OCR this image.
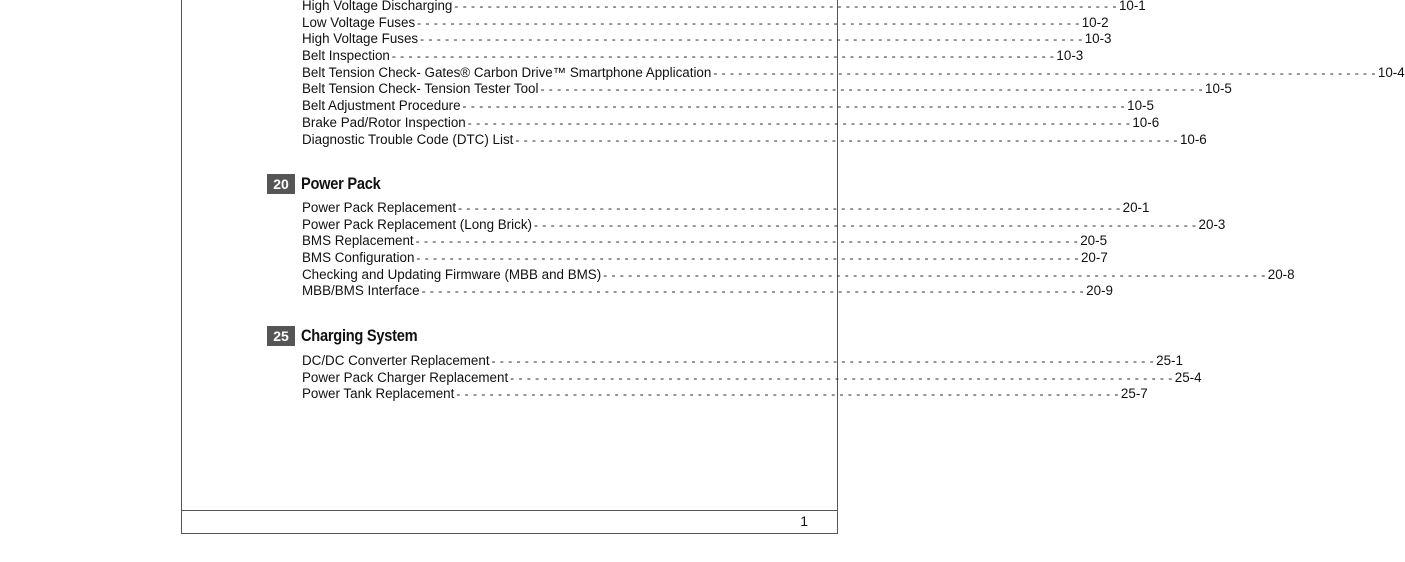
High Voltage Discharging - - - - - - - - - - - - - - - - - - - - - - - - - - - - - - - - - - - - - - - - - - - - - - - - - - - - - - - - - - - - - - - - - - - - - - - - - - - - - - - - 10-1
Low Voltage Fuses - - - - - - - - - - - - - - - - - - - - - - - - - - - - - - - - - - - - - - - - - - - - - - - - - - - - - - - - - - - - - - - - - - - - - - - - - - - - - - - - 10-2
High Voltage Fuses - - - - - - - - - - - - - - - - - - - - - - - - - - - - - - - - - - - - - - - - - - - - - - - - - - - - - - - - - - - - - - - - - - - - - - - - - - - - - - - - 10-3
Belt Inspection - - - - - - - - - - - - - - - - - - - - - - - - - - - - - - - - - - - - - - - - - - - - - - - - - - - - - - - - - - - - - - - - - - - - - - - - - - - - - - - - 10-3
Belt Tension Check- Gates® Carbon Drive™ Smartphone Application - - - - - - - - - - - - - - - - - - - - - - - - - - - - - - - - - - - - - - - - - - - - - - - - - - - - - - - - - - - - - - - - - - - - - - - - - - - - - - - - 10-4
Belt Tension Check- Tension Tester Tool - - - - - - - - - - - - - - - - - - - - - - - - - - - - - - - - - - - - - - - - - - - - - - - - - - - - - - - - - - - - - - - - - - - - - - - - - - - - - - - - 10-5
Belt Adjustment Procedure - - - - - - - - - - - - - - - - - - - - - - - - - - - - - - - - - - - - - - - - - - - - - - - - - - - - - - - - - - - - - - - - - - - - - - - - - - - - - - - - 10-5
Brake Pad/Rotor Inspection - - - - - - - - - - - - - - - - - - - - - - - - - - - - - - - - - - - - - - - - - - - - - - - - - - - - - - - - - - - - - - - - - - - - - - - - - - - - - - - - 10-6
Diagnostic Trouble Code (DTC) List - - - - - - - - - - - - - - - - - - - - - - - - - - - - - - - - - - - - - - - - - - - - - - - - - - - - - - - - - - - - - - - - - - - - - - - - - - - - - - - - 10-6
20 Power Pack
Power Pack Replacement - - - - - - - - - - - - - - - - - - - - - - - - - - - - - - - - - - - - - - - - - - - - - - - - - - - - - - - - - - - - - - - - - - - - - - - - - - - - - - - - 20-1
Power Pack Replacement (Long Brick) - - - - - - - - - - - - - - - - - - - - - - - - - - - - - - - - - - - - - - - - - - - - - - - - - - - - - - - - - - - - - - - - - - - - - - - - - - - - - - - - 20-3
BMS Replacement - - - - - - - - - - - - - - - - - - - - - - - - - - - - - - - - - - - - - - - - - - - - - - - - - - - - - - - - - - - - - - - - - - - - - - - - - - - - - - - - 20-5
BMS Configuration - - - - - - - - - - - - - - - - - - - - - - - - - - - - - - - - - - - - - - - - - - - - - - - - - - - - - - - - - - - - - - - - - - - - - - - - - - - - - - - - 20-7
Checking and Updating Firmware (MBB and BMS) - - - - - - - - - - - - - - - - - - - - - - - - - - - - - - - - - - - - - - - - - - - - - - - - - - - - - - - - - - - - - - - - - - - - - - - - - - - - - - - - 20-8
MBB/BMS Interface - - - - - - - - - - - - - - - - - - - - - - - - - - - - - - - - - - - - - - - - - - - - - - - - - - - - - - - - - - - - - - - - - - - - - - - - - - - - - - - - 20-9
25 Charging System
DC/DC Converter Replacement - - - - - - - - - - - - - - - - - - - - - - - - - - - - - - - - - - - - - - - - - - - - - - - - - - - - - - - - - - - - - - - - - - - - - - - - - - - - - - - - 25-1
Power Pack Charger Replacement - - - - - - - - - - - - - - - - - - - - - - - - - - - - - - - - - - - - - - - - - - - - - - - - - - - - - - - - - - - - - - - - - - - - - - - - - - - - - - - - 25-4
Power Tank Replacement - - - - - - - - - - - - - - - - - - - - - - - - - - - - - - - - - - - - - - - - - - - - - - - - - - - - - - - - - - - - - - - - - - - - - - - - - - - - - - - - 25-7
1
